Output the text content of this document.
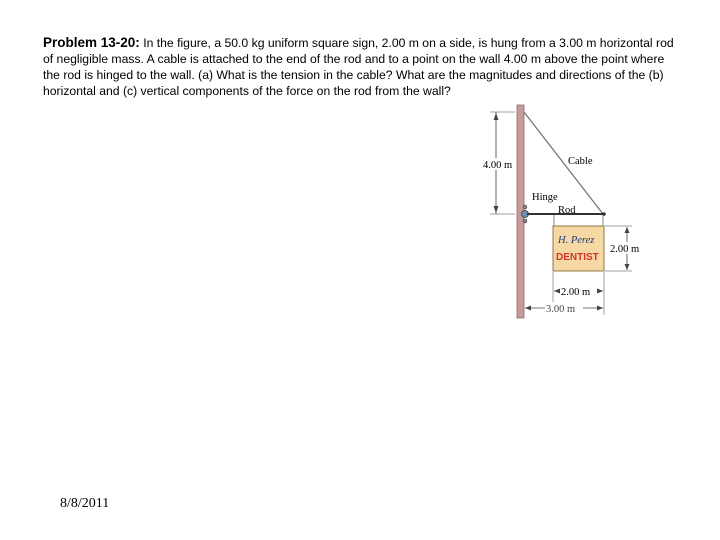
Problem 13-20: In the figure, a 50.0 kg uniform square sign, 2.00 m on a side, is hung from a 3.00 m horizontal rod of negligible mass. A cable is attached to the end of the rod and to a point on the wall 4.00 m above the point where the rod is hinged to the wall. (a) What is the tension in the cable? What are the magnitudes and directions of the (b) horizontal and (c) vertical components of the force on the rod from the wall?

4.00 m	Cable
Hinge
Rod
H. Perez
DENTIST
2.00 m
2.00 m
3.00 m
8/8/2011
